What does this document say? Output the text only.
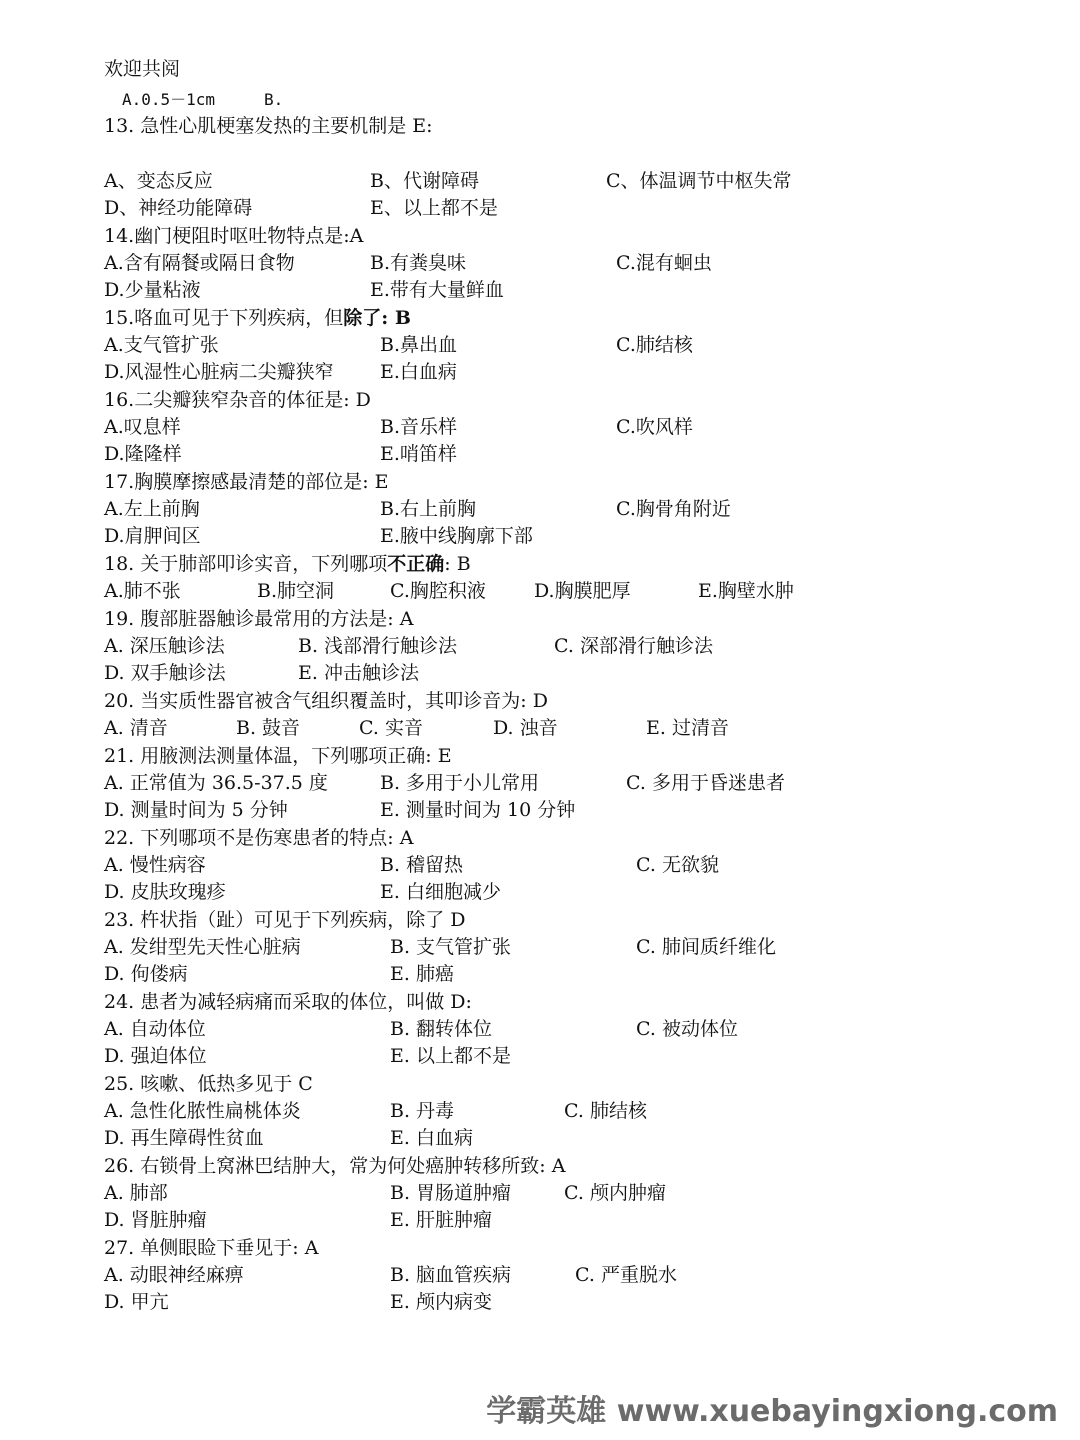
欢迎共阅
A.0.5－1cm	B.
13. 急性心肌梗塞发热的主要机制是 E:
A、变态反应	B、代谢障碍	C、体温调节中枢失常
D、神经功能障碍	E、以上都不是
14.幽门梗阻时呕吐物特点是:A
A.含有隔餐或隔日食物	B.有粪臭味	C.混有蛔虫
D.少量粘液	E.带有大量鲜血
15.咯血可见于下列疾病，但除了: B
A.支气管扩张	B.鼻出血	C.肺结核
D.风湿性心脏病二尖瓣狭窄 E.白血病
16.二尖瓣狭窄杂音的体征是: D
A.叹息样	B.音乐样	C.吹风样
D.隆隆样	E.哨笛样
17.胸膜摩擦感最清楚的部位是: E
A.左上前胸	B.右上前胸	C.胸骨角附近
D.肩胛间区	E.腋中线胸廓下部
18. 关于肺部叩诊实音，下列哪项不正确: B
A.肺不张	B.肺空洞	C.胸腔积液	D.胸膜肥厚	E.胸壁水肿
19. 腹部脏器触诊最常用的方法是: A
A. 深压触诊法	B. 浅部滑行触诊法	C. 深部滑行触诊法
D. 双手触诊法	E. 冲击触诊法
20. 当实质性器官被含气组织覆盖时，其叩诊音为: D
A. 清音	B. 鼓音	C. 实音	D. 浊音	E. 过清音
21. 用腋测法测量体温，下列哪项正确: E
A. 正常值为 36.5-37.5 度	B. 多用于小儿常用	C. 多用于昏迷患者
D. 测量时间为 5 分钟	E. 测量时间为 10 分钟
22. 下列哪项不是伤寒患者的特点: A
A. 慢性病容	B. 稽留热	C. 无欲貌
D. 皮肤玫瑰疹	E. 白细胞减少
23. 杵状指（趾）可见于下列疾病，除了 D
A. 发绀型先天性心脏病	B. 支气管扩张	C. 肺间质纤维化
D. 佝偻病	E. 肺癌
24. 患者为减轻病痛而采取的体位，叫做 D:
A. 自动体位	B. 翻转体位	C. 被动体位
D. 强迫体位	E. 以上都不是
25. 咳嗽、低热多见于 C
A. 急性化脓性扁桃体炎	B. 丹毒	C. 肺结核
D. 再生障碍性贫血	E. 白血病
26. 右锁骨上窝淋巴结肿大，常为何处癌肿转移所致: A
A. 肺部	B. 胃肠道肿瘤	C. 颅内肿瘤
D. 肾脏肿瘤	E. 肝脏肿瘤
27. 单侧眼睑下垂见于: A
A. 动眼神经麻痹	B. 脑血管疾病	C. 严重脱水
D. 甲亢	E. 颅内病变
学霸英雄 www.xuebayingxiong.com
